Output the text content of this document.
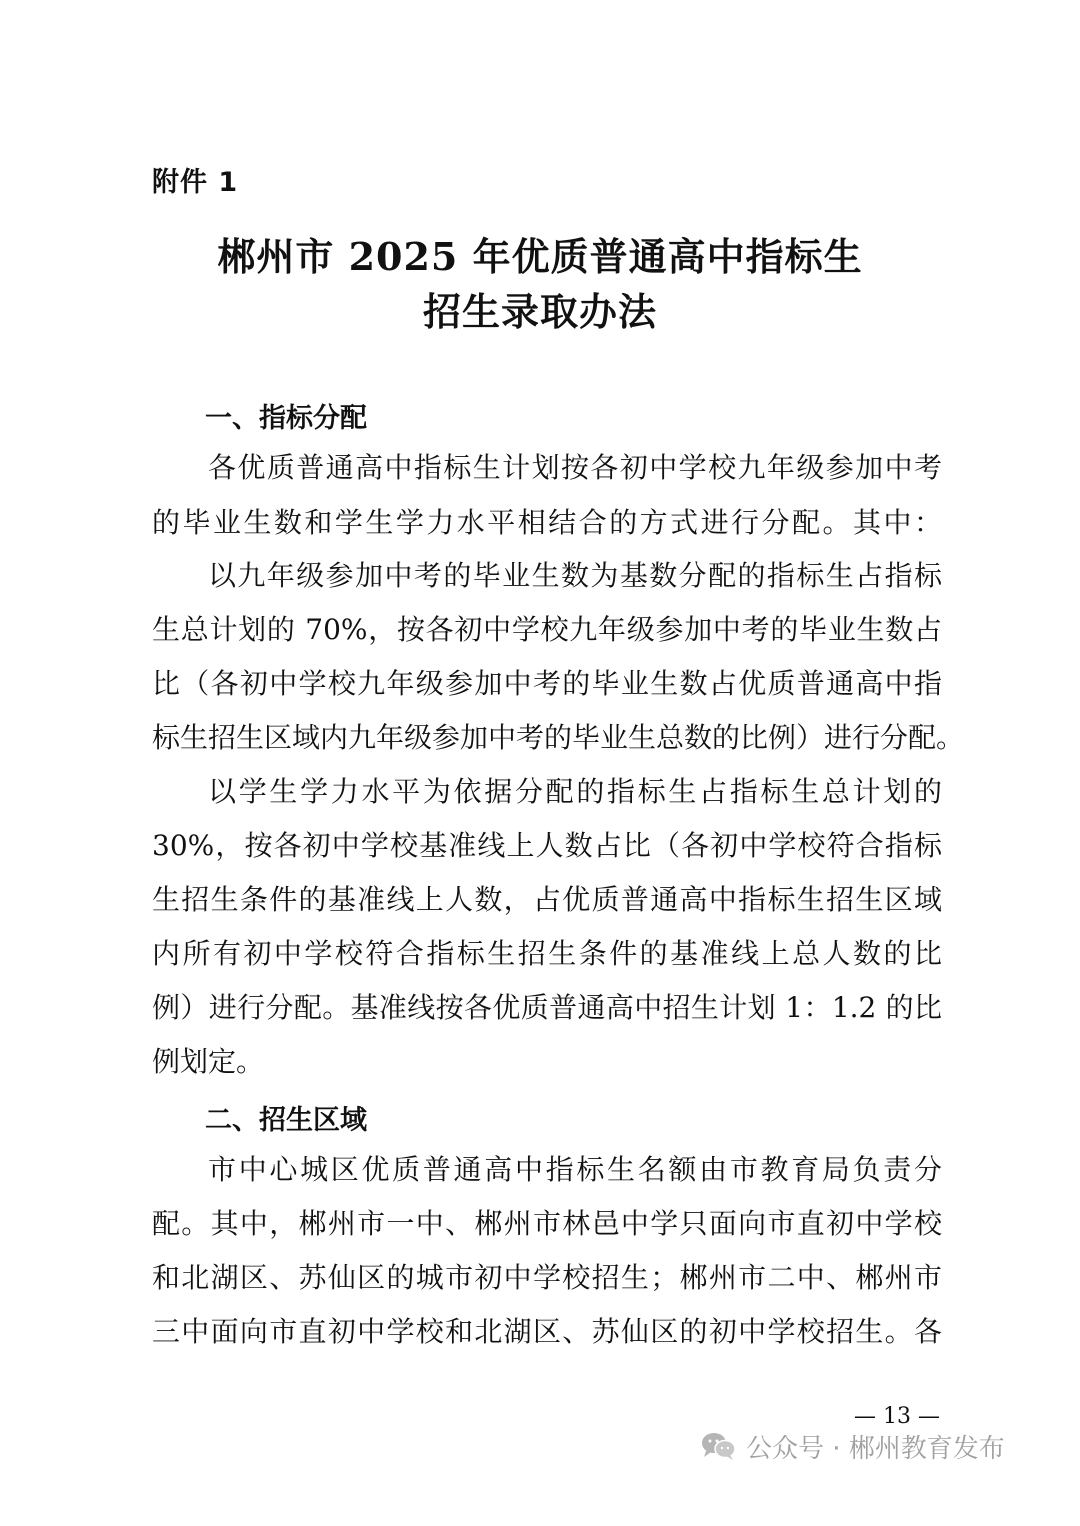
附件 1
郴州市 2025 年优质普通高中指标生
招生录取办法
一、指标分配
各优质普通高中指标生计划按各初中学校九年级参加中考
的毕业生数和学生学力水平相结合的方式进行分配。其中：
以九年级参加中考的毕业生数为基数分配的指标生占指标
生总计划的 70%，按各初中学校九年级参加中考的毕业生数占
比（各初中学校九年级参加中考的毕业生数占优质普通高中指
标生招生区域内九年级参加中考的毕业生总数的比例）进行分配。
以学生学力水平为依据分配的指标生占指标生总计划的
30%，按各初中学校基准线上人数占比（各初中学校符合指标
生招生条件的基准线上人数，占优质普通高中指标生招生区域
内所有初中学校符合指标生招生条件的基准线上总人数的比
例）进行分配。基准线按各优质普通高中招生计划 1：1.2 的比
例划定。
二、招生区域
市中心城区优质普通高中指标生名额由市教育局负责分
配。其中，郴州市一中、郴州市林邑中学只面向市直初中学校
和北湖区、苏仙区的城市初中学校招生；郴州市二中、郴州市
三中面向市直初中学校和北湖区、苏仙区的初中学校招生。各
— 13 —
公众号 · 郴州教育发布
